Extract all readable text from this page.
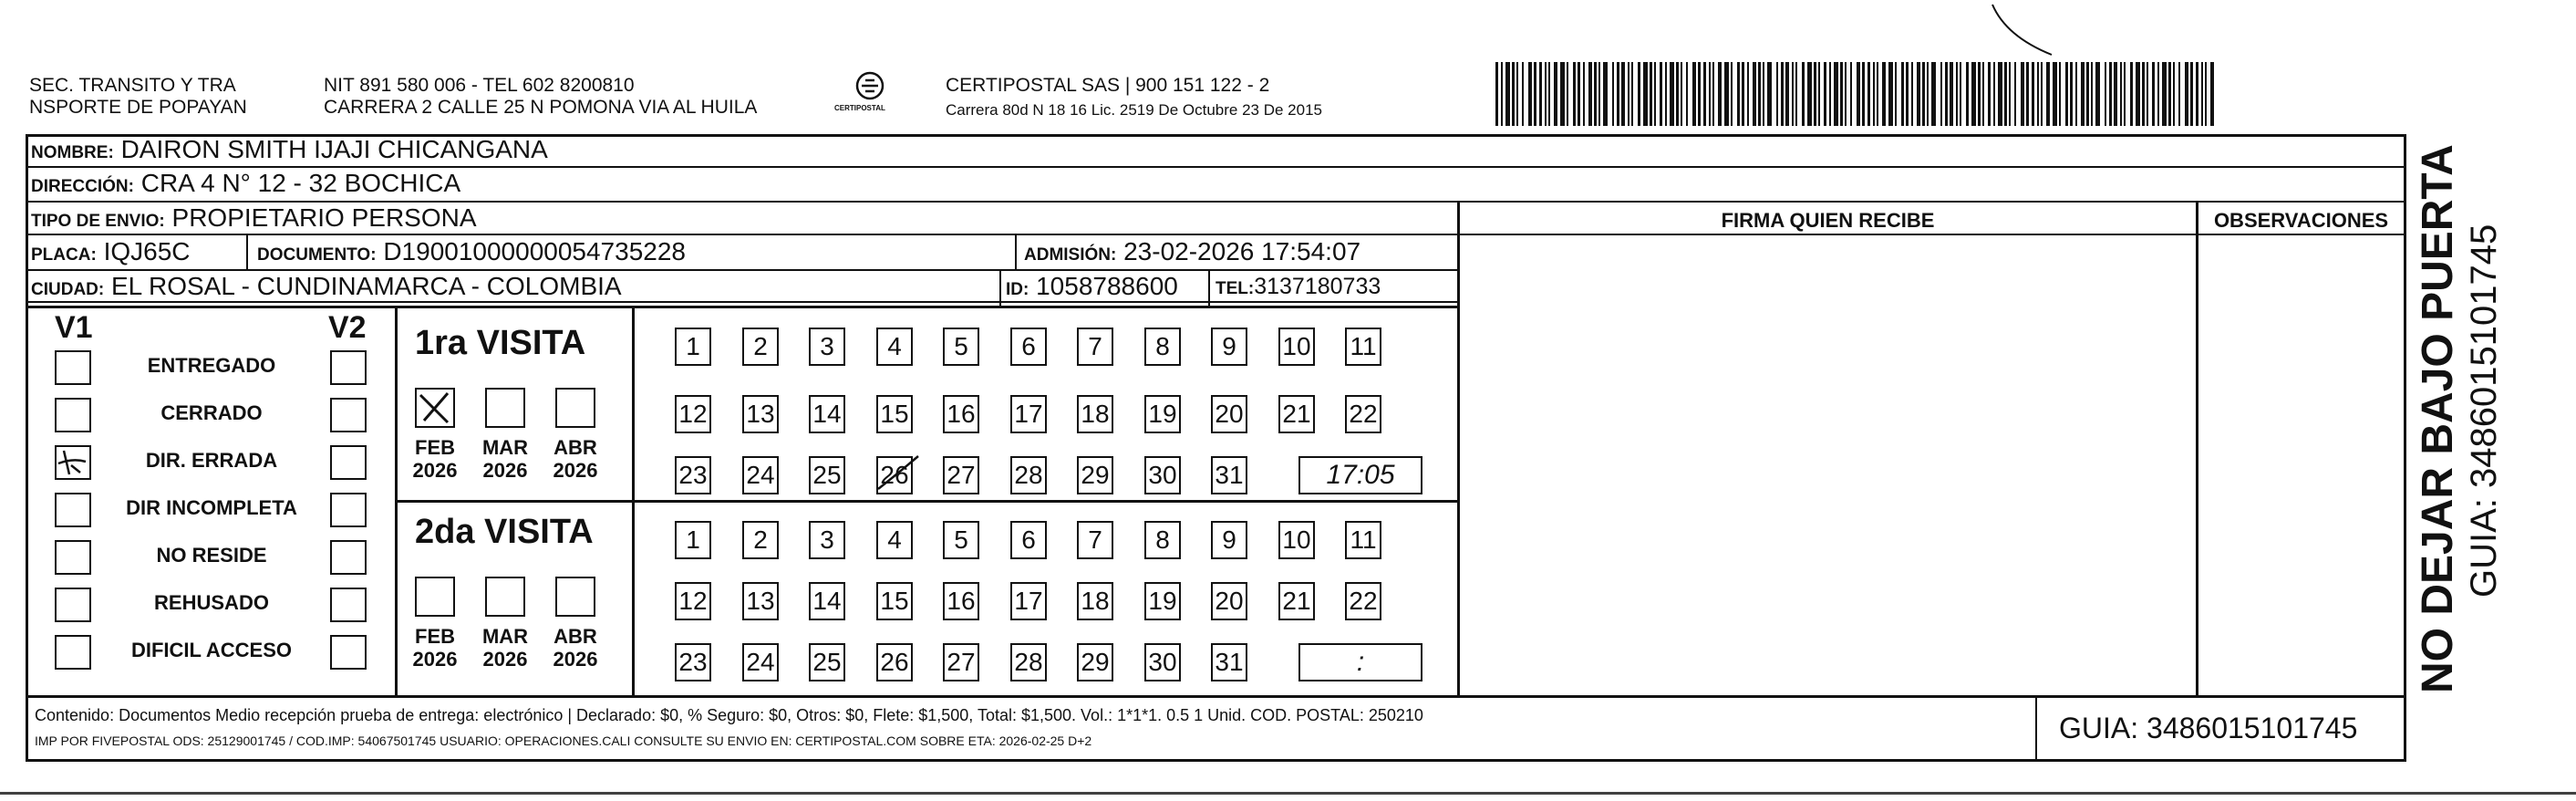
SEC. TRANSITO Y TRA
NSPORTE DE POPAYAN
NIT 891 580 006 - TEL 602 8200810
CARRERA 2 CALLE 25 N POMONA VIA AL HUILA	CERTIPOSTAL
CERTIPOSTAL SAS | 900 151 122 - 2
Carrera 80d N 18 16 Lic. 2519 De Octubre 23 De 2015
NOMBRE: DAIRON SMITH IJAJI CHICANGANA
DIRECCIÓN: CRA 4 N° 12 - 32 BOCHICA
TIPO DE ENVIO: PROPIETARIO PERSONA	FIRMA QUIEN RECIBE	OBSERVACIONES
PLACA: IQJ65C	DOCUMENTO: D19001000000054735228	ADMISIÓN: 23-02-2026 17:54:07
CIUDAD: EL ROSAL - CUNDINAMARCA - COLOMBIA	ID: 1058788600 TEL:3137180733
V1	V2
ENTREGADO
CERRADO
DIR. ERRADA
DIR INCOMPLETA
NO RESIDE
REHUSADO
DIFICIL ACCESO
1ra VISITA
2da VISITA
FEB
2026
MAR
2026
ABR
2026
FEB
2026
MAR
2026
ABR
2026
1	2	3	4	5	6	7	8	9	10 11
12 13 14 15 16 17 18 19 20 21 22
23 24 25 26 27 28 29 30 31	17:05
1	2	3	4	5	6	7	8	9	10 11
12 13 14 15 16 17 18 19 20 21 22
23 24 25 26 27 28 29 30 31	:
Contenido: Documentos Medio recepción prueba de entrega: electrónico | Declarado: $0, % Seguro: $0, Otros: $0, Flete: $1,500, Total: $1,500. Vol.: 1*1*1. 0.5 1 Unid. COD. POSTAL: 250210
IMP POR FIVEPOSTAL ODS: 25129001745 / COD.IMP: 54067501745 USUARIO: OPERACIONES.CALI CONSULTE SU ENVIO EN: CERTIPOSTAL.COM SOBRE ETA: 2026-02-25 D+2	GUIA: 3486015101745
NO DEJAR BAJO PUERTA GUIA: 3486015101745
